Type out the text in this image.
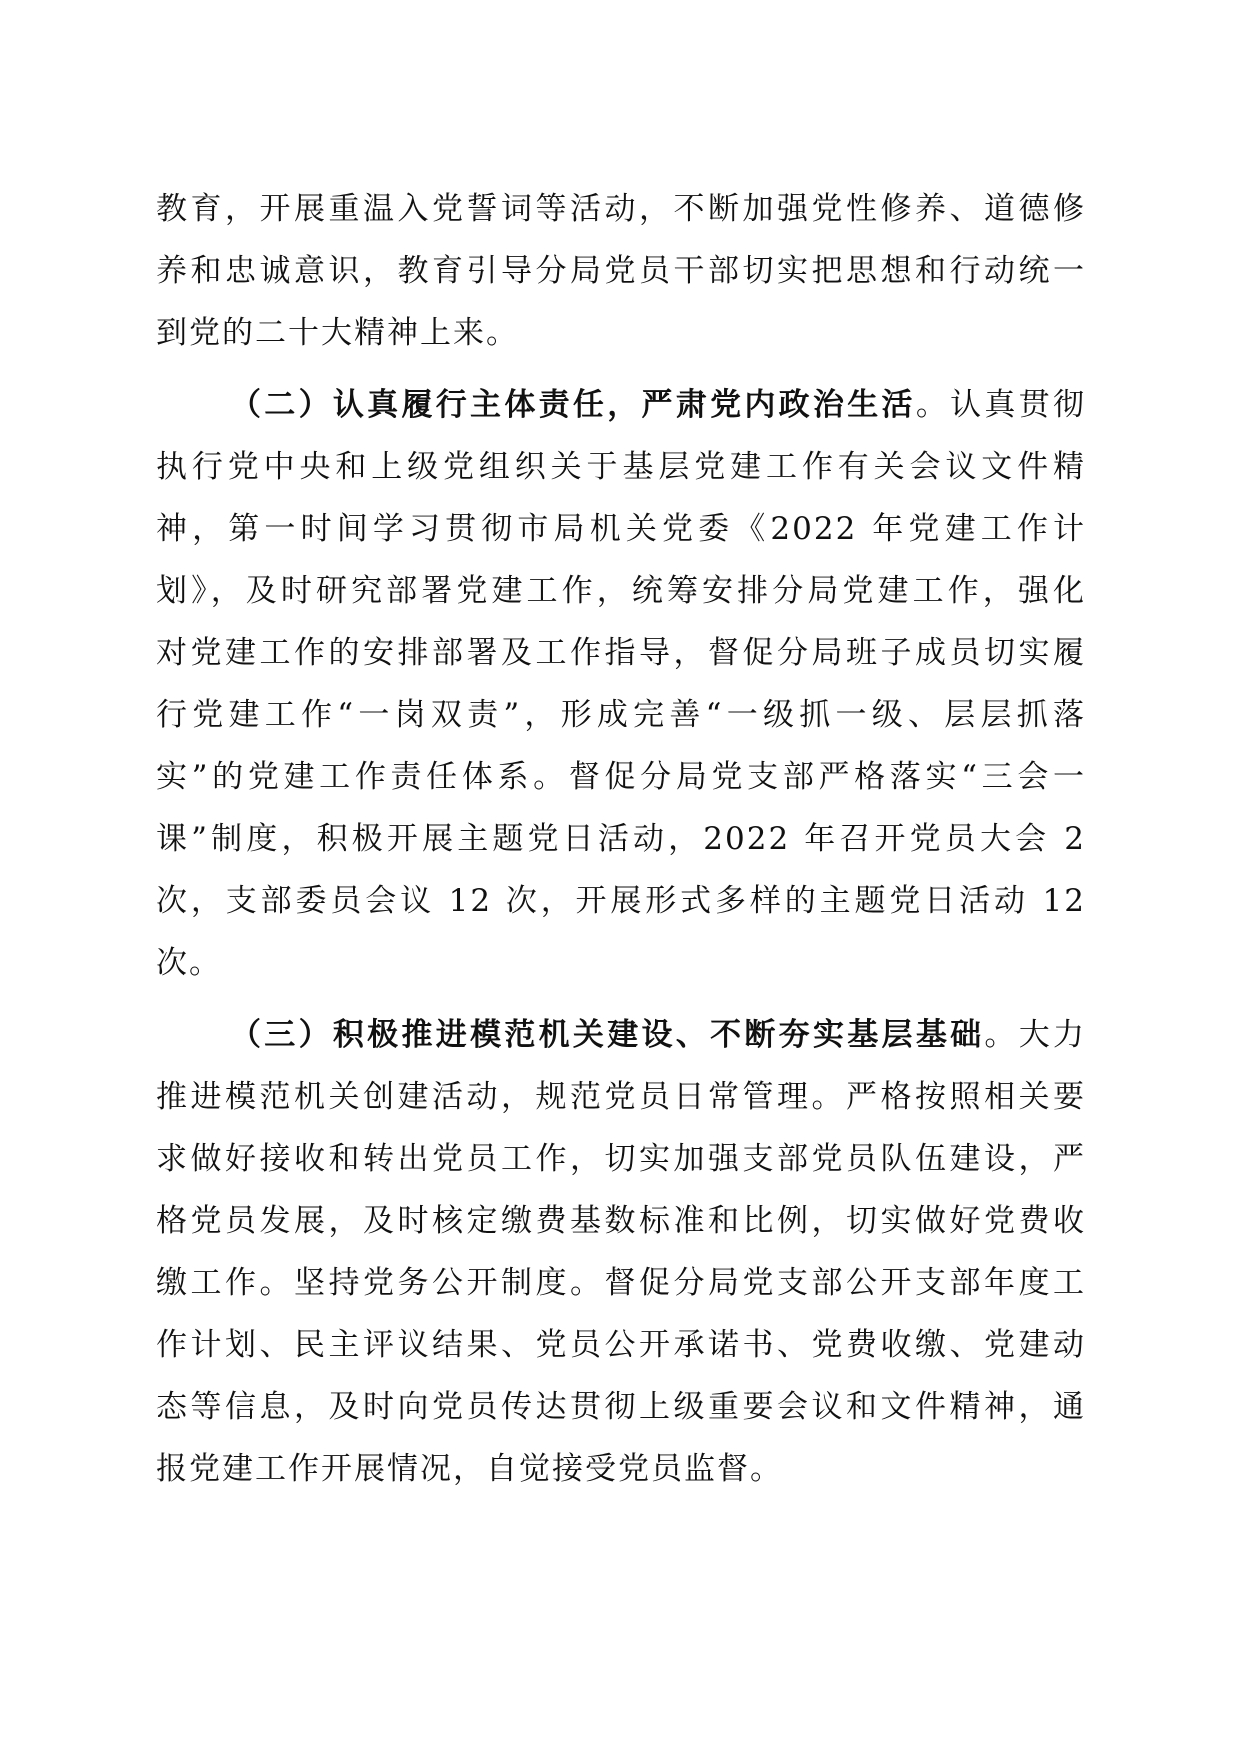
教育，开展重温入党誓词等活动，不断加强党性修养、道德修
养和忠诚意识，教育引导分局党员干部切实把思想和行动统一
到党的二十大精神上来。
（二）认真履行主体责任，严肃党内政治生活。认真贯彻
执行党中央和上级党组织关于基层党建工作有关会议文件精
神，第一时间学习贯彻市局机关党委《2022 年党建工作计
划》，及时研究部署党建工作，统筹安排分局党建工作，强化
对党建工作的安排部署及工作指导，督促分局班子成员切实履
行党建工作“一岗双责”，形成完善“一级抓一级、层层抓落
实”的党建工作责任体系。督促分局党支部严格落实“三会一
课”制度，积极开展主题党日活动，2022 年召开党员大会 2
次，支部委员会议 12 次，开展形式多样的主题党日活动 12
次。
（三）积极推进模范机关建设、不断夯实基层基础。大力
推进模范机关创建活动，规范党员日常管理。严格按照相关要
求做好接收和转出党员工作，切实加强支部党员队伍建设，严
格党员发展，及时核定缴费基数标准和比例，切实做好党费收
缴工作。坚持党务公开制度。督促分局党支部公开支部年度工
作计划、民主评议结果、党员公开承诺书、党费收缴、党建动
态等信息，及时向党员传达贯彻上级重要会议和文件精神，通
报党建工作开展情况，自觉接受党员监督。
